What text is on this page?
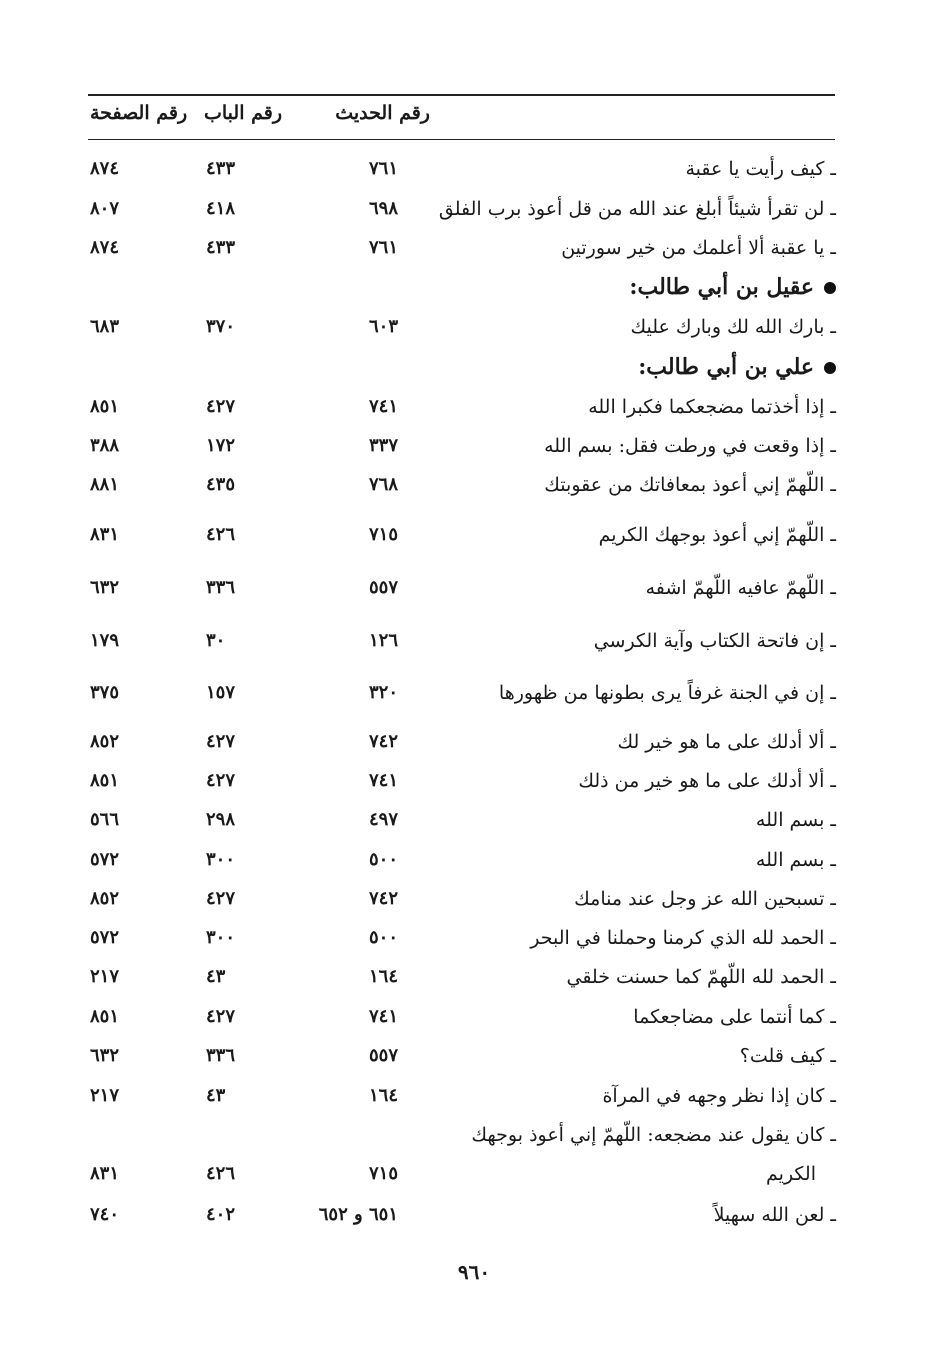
رقم الحديث
رقم الباب
رقم الصفحة
ـ كيف رأيت يا عقبة
٧٦١
٤٣٣
٨٧٤
ـ لن تقرأ شيئاً أبلغ عند الله من قل أعوذ برب الفلق
٦٩٨
٤١٨
٨٠٧
ـ يا عقبة ألا أعلمك من خير سورتين
٧٦١
٤٣٣
٨٧٤
عقيل بن أبي طالب:
ـ بارك الله لك وبارك عليك
٦٠٣
٣٧٠
٦٨٣
علي بن أبي طالب:
ـ إذا أخذتما مضجعكما فكبرا الله
٧٤١
٤٢٧
٨٥١
ـ إذا وقعت في ورطت فقل: بسم الله
٣٣٧
١٧٢
٣٨٨
ـ اللّهمّ إني أعوذ بمعافاتك من عقوبتك
٧٦٨
٤٣٥
٨٨١
ـ اللّهمّ إني أعوذ بوجهك الكريم
٧١٥
٤٢٦
٨٣١
ـ اللّهمّ عافيه اللّهمّ اشفه
٥٥٧
٣٣٦
٦٣٢
ـ إن فاتحة الكتاب وآية الكرسي
١٢٦
٣٠
١٧٩
ـ إن في الجنة غرفاً يرى بطونها من ظهورها
٣٢٠
١٥٧
٣٧٥
ـ ألا أدلك على ما هو خير لك
٧٤٢
٤٢٧
٨٥٢
ـ ألا أدلك على ما هو خير من ذلك
٧٤١
٤٢٧
٨٥١
ـ بسم الله
٤٩٧
٢٩٨
٥٦٦
ـ بسم الله
٥٠٠
٣٠٠
٥٧٢
ـ تسبحين الله عز وجل عند منامك
٧٤٢
٤٢٧
٨٥٢
ـ الحمد لله الذي كرمنا وحملنا في البحر
٥٠٠
٣٠٠
٥٧٢
ـ الحمد لله اللّهمّ كما حسنت خلقي
١٦٤
٤٣
٢١٧
ـ كما أنتما على مضاجعكما
٧٤١
٤٢٧
٨٥١
ـ كيف قلت؟
٥٥٧
٣٣٦
٦٣٢
ـ كان إذا نظر وجهه في المرآة
١٦٤
٤٣
٢١٧
ـ كان يقول عند مضجعه: اللّهمّ إني أعوذ بوجهك
الكريم
٧١٥
٤٢٦
٨٣١
ـ لعن الله سهيلاً
٦٥١ و ٦٥٢
٤٠٢
٧٤٠
٩٦٠
